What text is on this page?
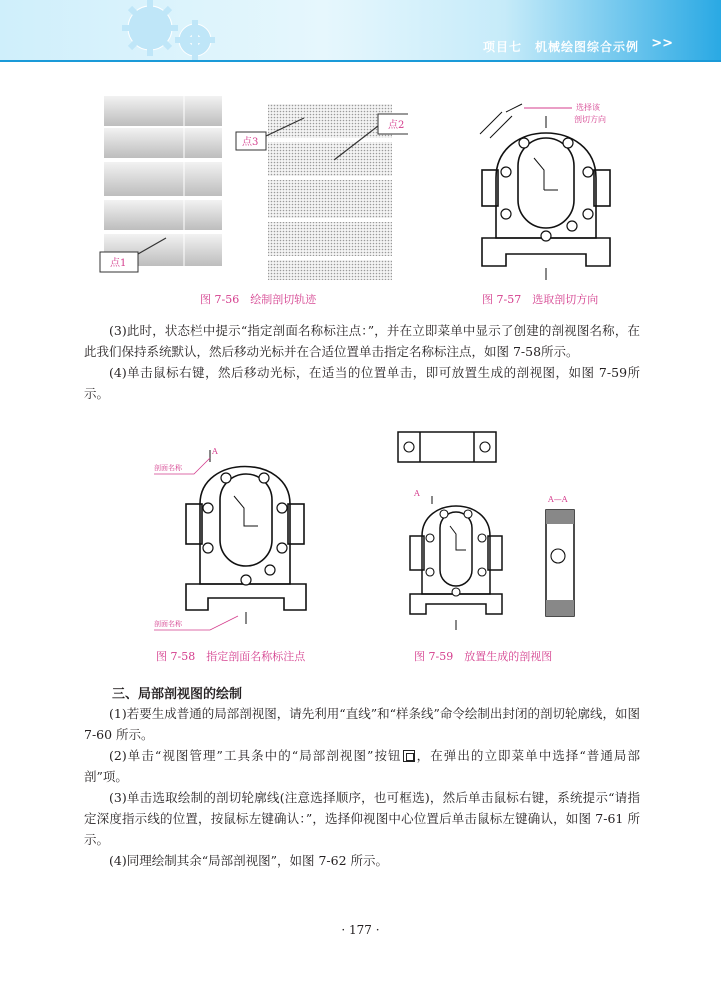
项目七　机械绘图综合示例 >>
点3
点2
点1
图 7-56　绘制剖切轨迹
选择该
剖切方向
图 7-57　选取剖切方向

(3)此时，状态栏中提示“指定剖面名称标注点：”，并在立即菜单中显示了创建的剖视图名称，在此我们保持系统默认，然后移动光标并在合适位置单击指定名称标注点，如图 7-58所示。

(4)单击鼠标右键，然后移动光标，在适当的位置单击，即可放置生成的剖视图，如图 7-59所示。

剖面名称
剖面名称
A
图 7-58　指定剖面名称标注点
A
A—A
图 7-59　放置生成的剖视图
三、局部剖视图的绘制

(1)若要生成普通的局部剖视图，请先利用“直线”和“样条线”命令绘制出封闭的剖切轮廓线，如图 7-60 所示。

(2)单击“视图管理”工具条中的“局部剖视图”按钮 ，在弹出的立即菜单中选择“普通局部剖”项。

(3)单击选取绘制的剖切轮廓线(注意选择顺序，也可框选)，然后单击鼠标右键，系统提示“请指定深度指示线的位置，按鼠标左键确认：”，选择仰视图中心位置后单击鼠标左键确认，如图 7-61 所示。

(4)同理绘制其余“局部剖视图”，如图 7-62 所示。

· 177 ·
